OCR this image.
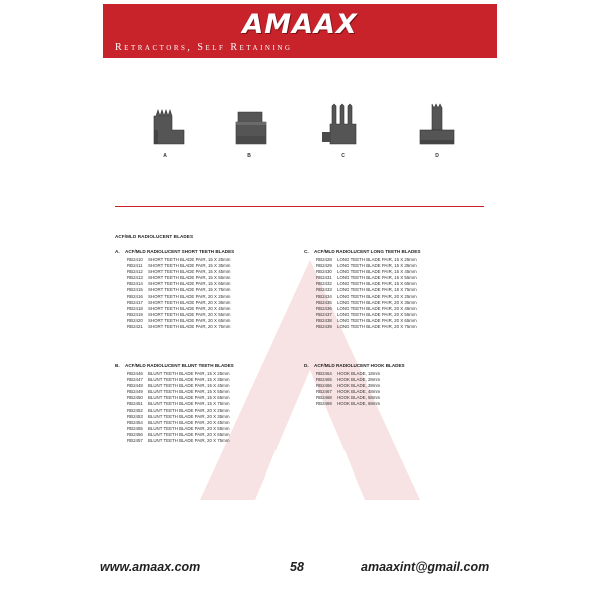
AMAAX
Retractors, Self Retaining
A	B	C	D
ACF/MLD RADIOLUCENT BLADES
A. ACF/MLD RADIOLUCENT SHORT TEETH BLADES
RB2410 SHORT TEETH BLADE PAIR, 15 X 25mm
RB2411 SHORT TEETH BLADE PAIR, 15 X 35mm
RB2412 SHORT TEETH BLADE PAIR, 15 X 45mm
RB2413 SHORT TEETH BLADE PAIR, 15 X 55mm
RB2414 SHORT TEETH BLADE PAIR, 15 X 65mm
RB2415 SHORT TEETH BLADE PAIR, 15 X 75mm
RB2416 SHORT TEETH BLADE PAIR, 20 X 25mm
RB2417 SHORT TEETH BLADE PAIR, 20 X 35mm
RB2418 SHORT TEETH BLADE PAIR, 20 X 45mm
RB2419 SHORT TEETH BLADE PAIR, 20 X 55mm
RB2420 SHORT TEETH BLADE PAIR, 20 X 65mm
RB2421 SHORT TEETH BLADE PAIR, 20 X 75mm
B. ACF/MLD RADIOLUCENT BLUNT TEETH BLADES
RB2446 BLUNT TEETH BLADE PAIR, 15 X 25mm
RB2447 BLUNT TEETH BLADE PAIR, 15 X 35mm
RB2448 BLUNT TEETH BLADE PAIR, 15 X 45mm
RB2449 BLUNT TEETH BLADE PAIR, 15 X 55mm
RB2450 BLUNT TEETH BLADE PAIR, 15 X 65mm
RB2451 BLUNT TEETH BLADE PAIR, 15 X 75mm
RB2452 BLUNT TEETH BLADE PAIR, 20 X 25mm
RB2453 BLUNT TEETH BLADE PAIR, 20 X 35mm
RB2454 BLUNT TEETH BLADE PAIR, 20 X 45mm
RB2455 BLUNT TEETH BLADE PAIR, 20 X 55mm
RB2456 BLUNT TEETH BLADE PAIR, 20 X 65mm
RB2457 BLUNT TEETH BLADE PAIR, 20 X 75mm
C. ACF/MLD RADIOLUCENT LONG TEETH BLADES
RB2428 LONG TEETH BLADE PAIR, 15 X 25mm
RB2429 LONG TEETH BLADE PAIR, 15 X 35mm
RB2430 LONG TEETH BLADE PAIR, 15 X 45mm
RB2431 LONG TEETH BLADE PAIR, 15 X 55mm
RB2432 LONG TEETH BLADE PAIR, 15 X 65mm
RB2433 LONG TEETH BLADE PAIR, 15 X 75mm
RB2434 LONG TEETH BLADE PAIR, 20 X 25mm
RB2435 LONG TEETH BLADE PAIR, 20 X 35mm
RB2436 LONG TEETH BLADE PAIR, 20 X 45mm
RB2437 LONG TEETH BLADE PAIR, 20 X 55mm
RB2438 LONG TEETH BLADE PAIR, 20 X 65mm
RB2439 LONG TEETH BLADE PAIR, 20 X 75mm
D. ACF/MLD RADIOLUCENT HOOK BLADES
RB2464 HOOK BLADE, 18mm
RB2465 HOOK BLADE, 28mm
RB2466 HOOK BLADE, 38mm
RB2467 HOOK BLADE, 48mm
RB2468 HOOK BLADE, 58mm
RB2469 HOOK BLADE, 68mm
www.amaax.com	58	amaaxint@gmail.com
